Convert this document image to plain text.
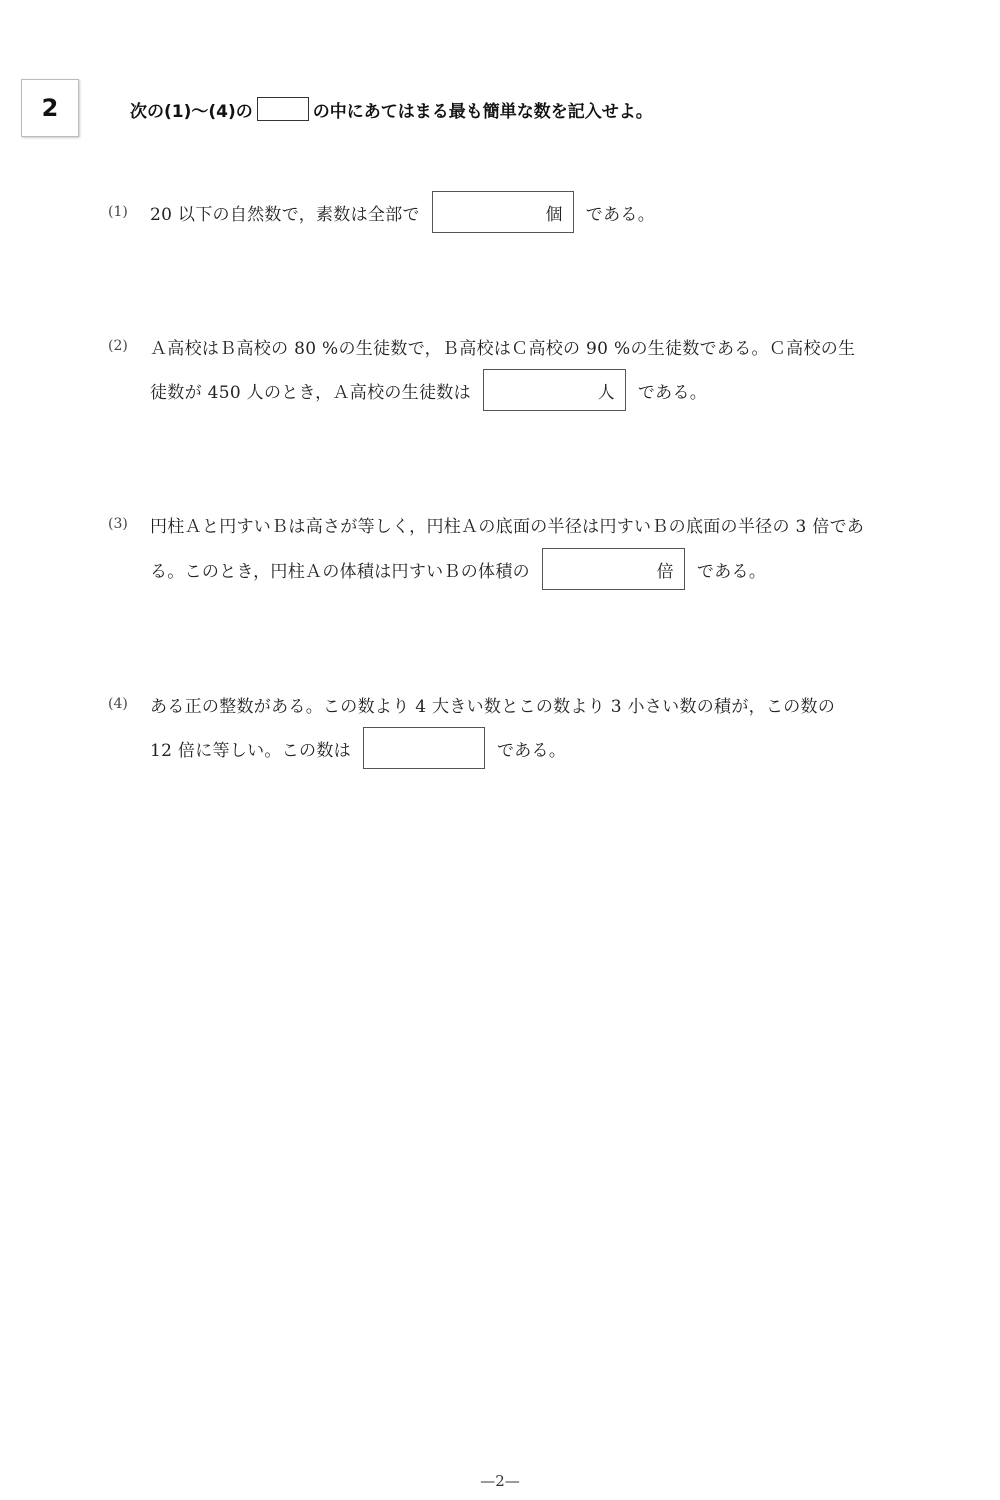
2	次の(1)〜(4)の	の中にあてはまる最も簡単な数を記入せよ。
(1) 20 以下の自然数で，素数は全部で	個 である。
(2) Ａ高校はＢ高校の 80 %の生徒数で，Ｂ高校はＣ高校の 90 %の生徒数である。Ｃ高校の生
徒数が 450 人のとき，Ａ高校の生徒数は	人 である。
(3) 円柱Ａと円すいＢは高さが等しく，円柱Ａの底面の半径は円すいＢの底面の半径の 3 倍であ
る。このとき，円柱Ａの体積は円すいＢの体積の	倍 である。
(4) ある正の整数がある。この数より 4 大きい数とこの数より 3 小さい数の積が，この数の
12 倍に等しい。この数は	である。
—2—
